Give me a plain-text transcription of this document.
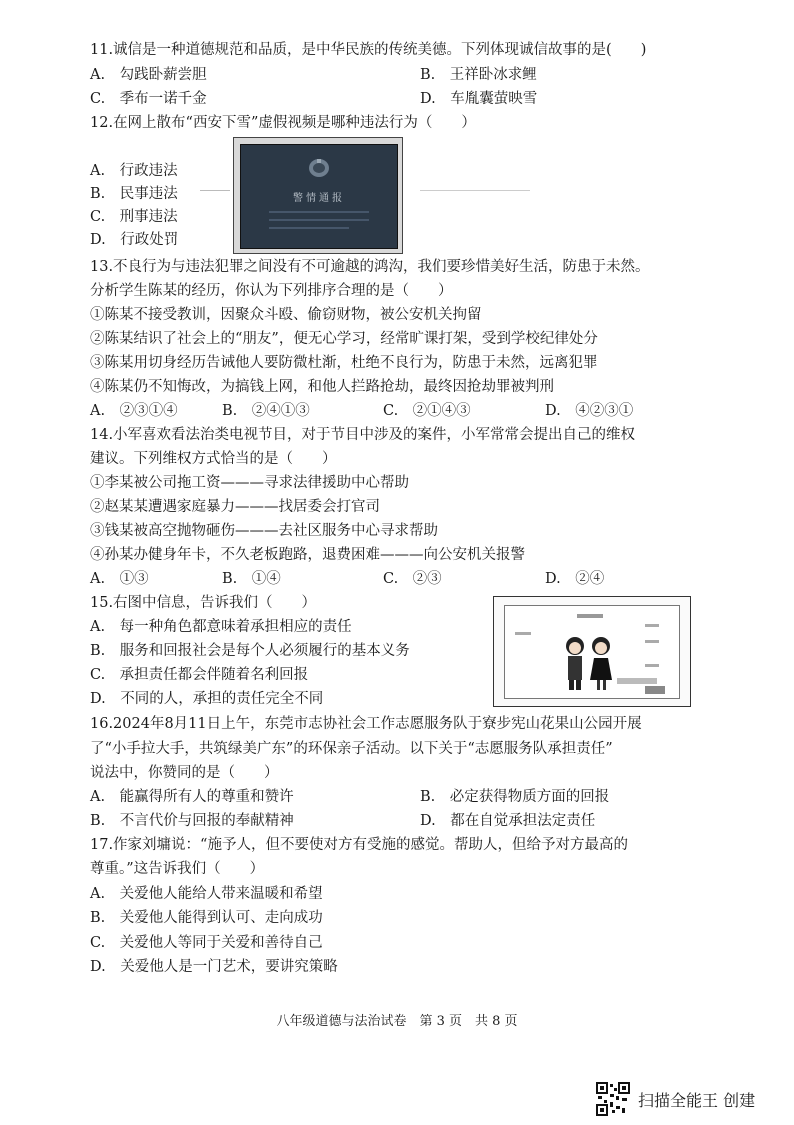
11.诚信是一种道德规范和品质，是中华民族的传统美德。下列体现诚信故事的是(　　)
A.　勾践卧薪尝胆	B.　王祥卧冰求鲤
C.　季布一诺千金	D.　车胤囊萤映雪
12.在网上散布“西安下雪”虚假视频是哪种违法行为（　　）
A.　行政违法
B.　民事违法
C.　刑事违法
D.　行政处罚
警情通报
13.不良行为与违法犯罪之间没有不可逾越的鸿沟，我们要珍惜美好生活，防患于未然。
分析学生陈某的经历，你认为下列排序合理的是（　　）
①陈某不接受教训，因聚众斗殴、偷窃财物，被公安机关拘留
②陈某结识了社会上的“朋友”，便无心学习，经常旷课打架，受到学校纪律处分
③陈某用切身经历告诫他人要防微杜渐，杜绝不良行为，防患于未然，远离犯罪
④陈某仍不知悔改，为搞钱上网，和他人拦路抢劫，最终因抢劫罪被判刑
A.　②③①④	B.　②④①③	C.　②①④③	D.　④②③①
14.小军喜欢看法治类电视节目，对于节目中涉及的案件，小军常常会提出自己的维权
建议。下列维权方式恰当的是（　　）
①李某被公司拖工资———寻求法律援助中心帮助
②赵某某遭遇家庭暴力———找居委会打官司
③钱某被高空抛物砸伤———去社区服务中心寻求帮助
④孙某办健身年卡，不久老板跑路，退费困难———向公安机关报警
A.　①③	B.　①④	C.　②③	D.　②④
15.右图中信息，告诉我们（　　）
A.　每一种角色都意味着承担相应的责任
B.　服务和回报社会是每个人必须履行的基本义务
C.　承担责任都会伴随着名利回报
D.　不同的人，承担的责任完全不同
16.2024年8月11日上午，东莞市志协社会工作志愿服务队于寮步宪山花果山公园开展
了“小手拉大手，共筑绿美广东”的环保亲子活动。以下关于“志愿服务队承担责任”
说法中，你赞同的是（　　）
A.　能赢得所有人的尊重和赞许	B.　必定获得物质方面的回报
B.　不言代价与回报的奉献精神	D.　都在自觉承担法定责任
17.作家刘墉说：“施予人，但不要使对方有受施的感觉。帮助人，但给予对方最高的
尊重。”这告诉我们（　　）
A.　关爱他人能给人带来温暖和希望
B.　关爱他人能得到认可、走向成功
C.　关爱他人等同于关爱和善待自己
D.　关爱他人是一门艺术，要讲究策略
八年级道德与法治试卷　第 3 页　共 8 页
扫描全能王 创建
